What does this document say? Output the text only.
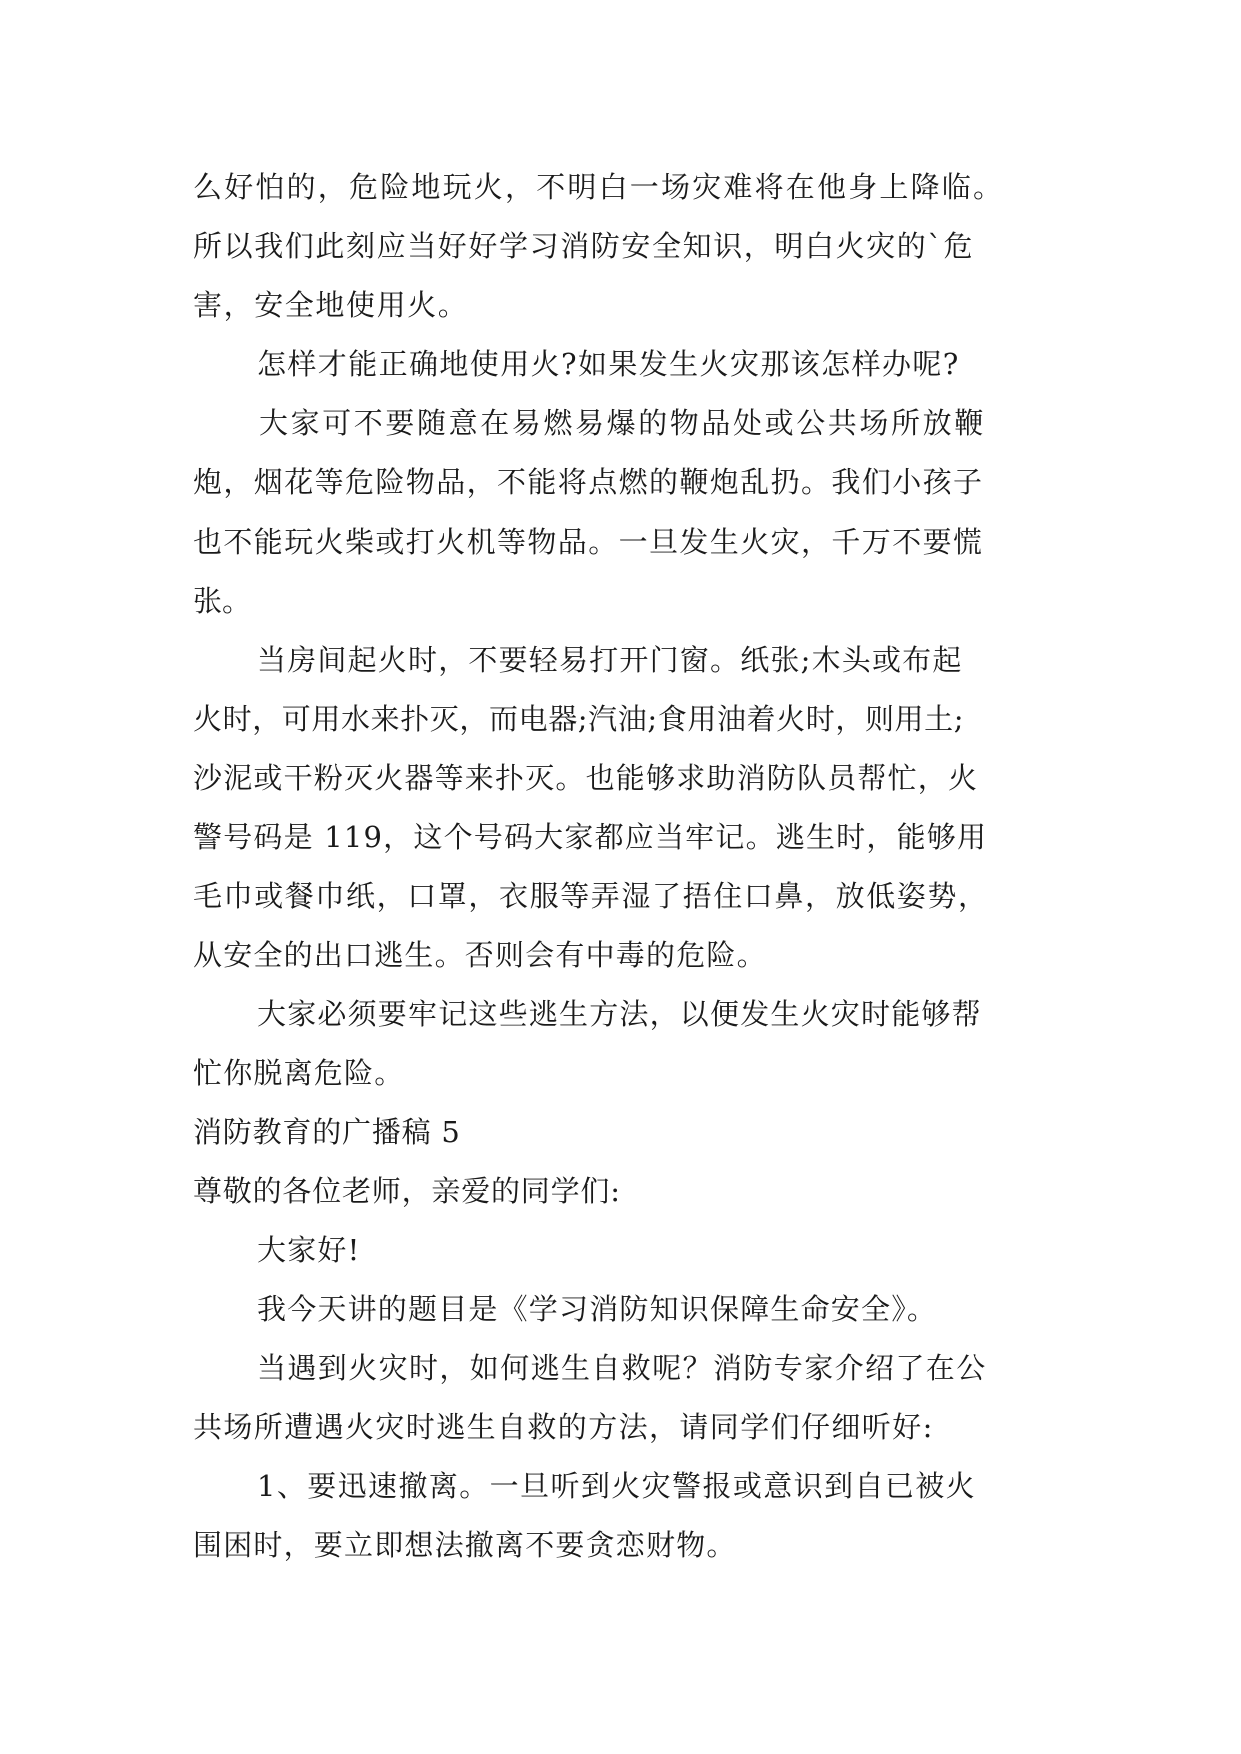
么好怕的，危险地玩火，不明白一场灾难将在他身上降临。
所以我们此刻应当好好学习消防安全知识，明白火灾的`危
害，安全地使用火。
怎样才能正确地使用火?如果发生火灾那该怎样办呢?
大家可不要随意在易燃易爆的物品处或公共场所放鞭
炮，烟花等危险物品，不能将点燃的鞭炮乱扔。我们小孩子
也不能玩火柴或打火机等物品。一旦发生火灾，千万不要慌
张。
当房间起火时，不要轻易打开门窗。纸张;木头或布起
火时，可用水来扑灭，而电器;汽油;食用油着火时，则用土;
沙泥或干粉灭火器等来扑灭。也能够求助消防队员帮忙，火
警号码是 119，这个号码大家都应当牢记。逃生时，能够用
毛巾或餐巾纸，口罩，衣服等弄湿了捂住口鼻，放低姿势，
从安全的出口逃生。否则会有中毒的危险。
大家必须要牢记这些逃生方法，以便发生火灾时能够帮
忙你脱离危险。
消防教育的广播稿 5
尊敬的各位老师，亲爱的同学们:
大家好!
我今天讲的题目是《学习消防知识保障生命安全》。
当遇到火灾时，如何逃生自救呢？消防专家介绍了在公
共场所遭遇火灾时逃生自救的方法，请同学们仔细听好:
1、要迅速撤离。一旦听到火灾警报或意识到自已被火
围困时，要立即想法撤离不要贪恋财物。
